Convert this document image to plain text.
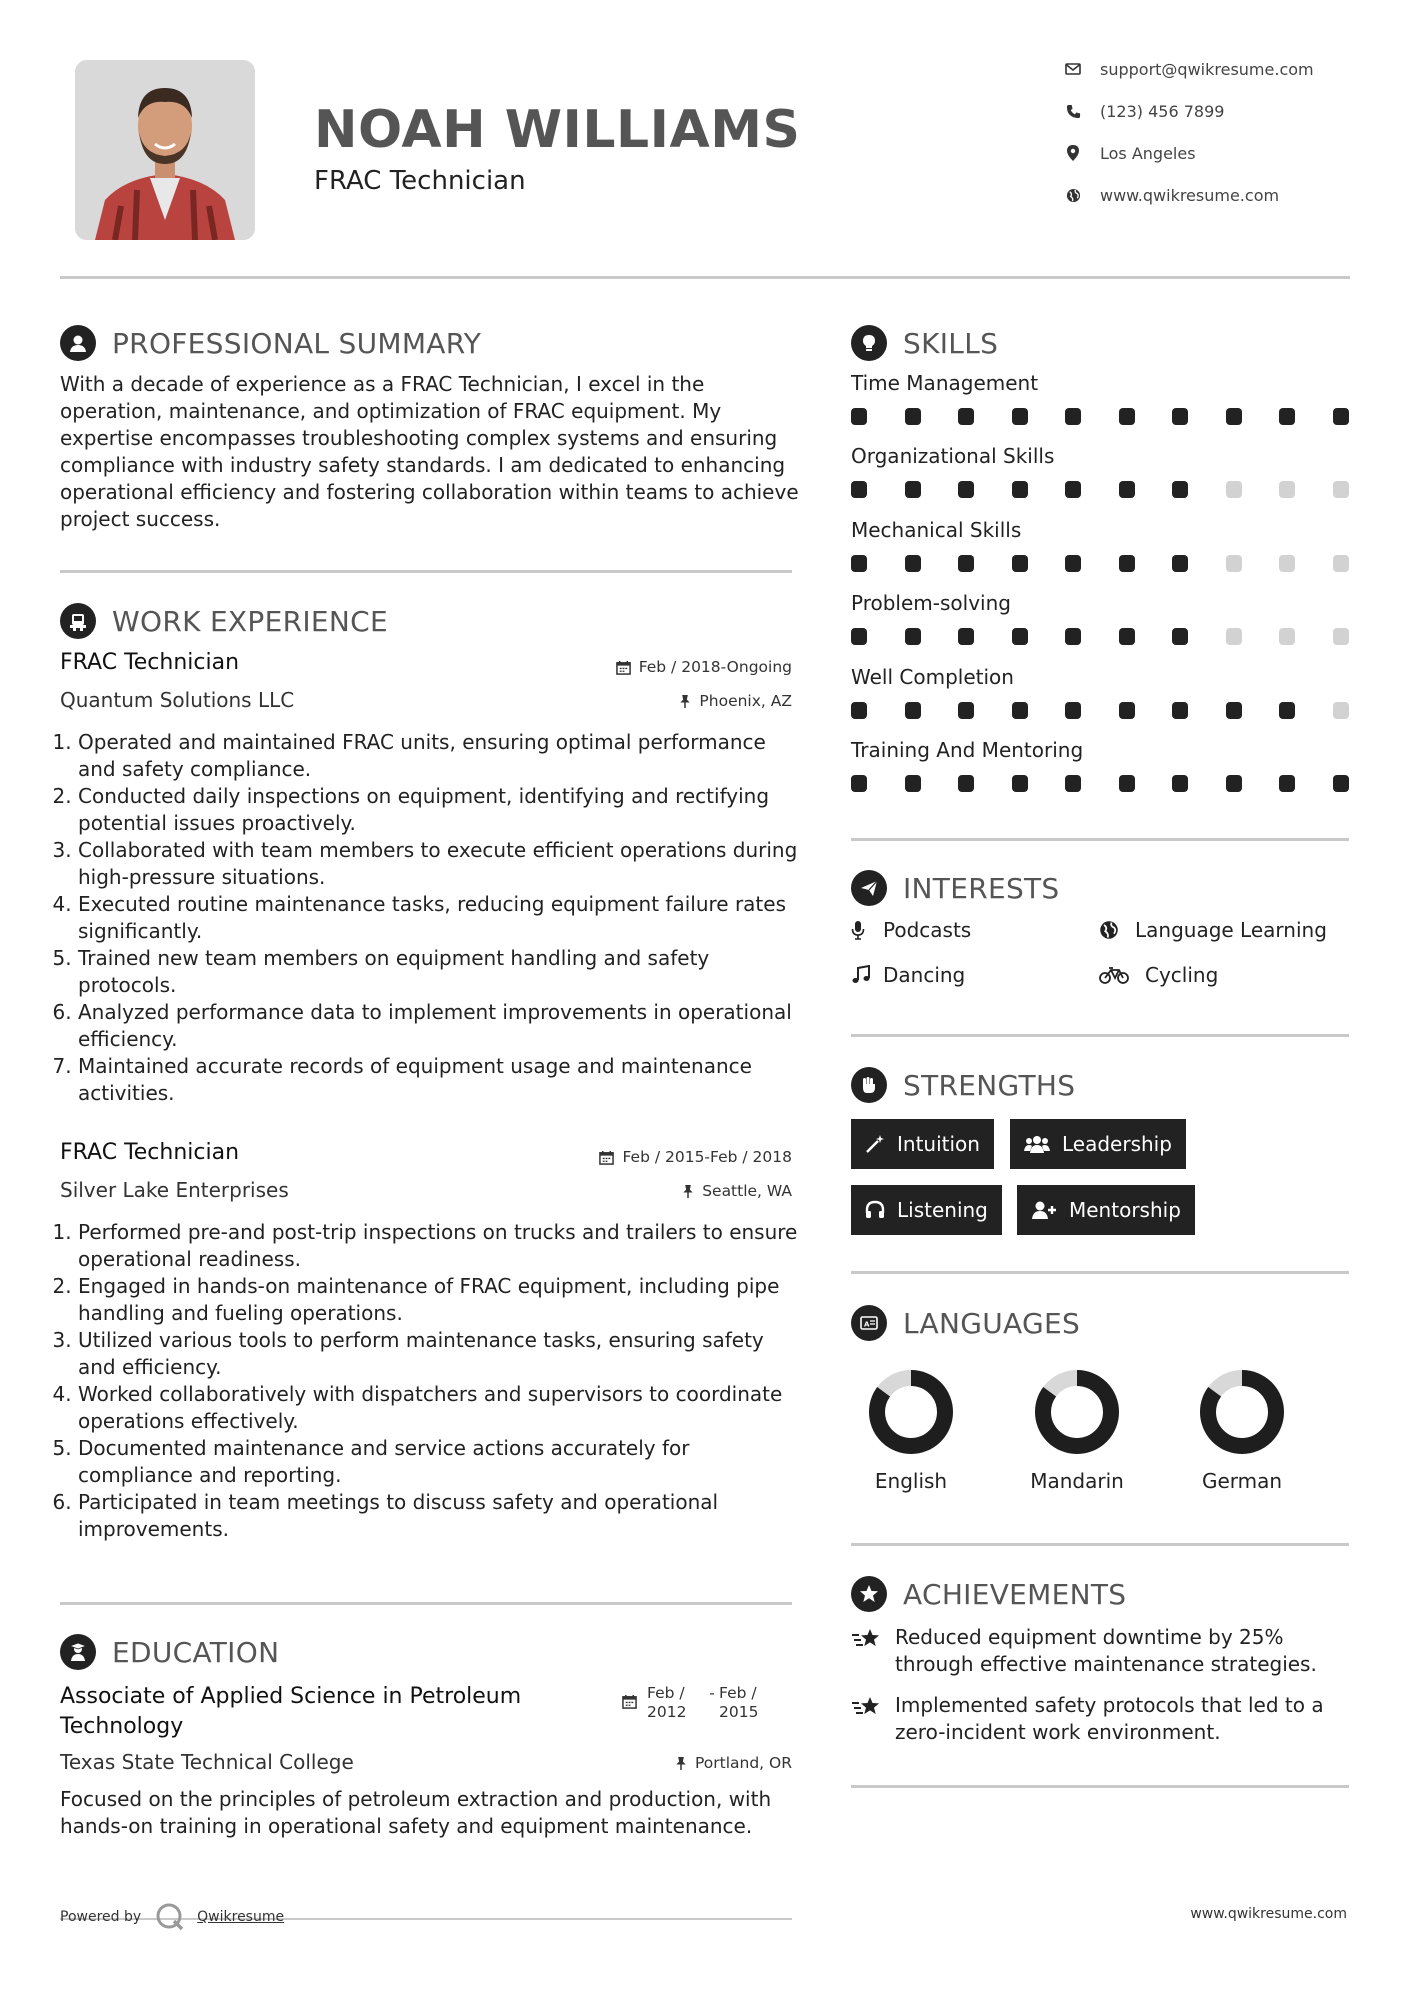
NOAH WILLIAMS
FRAC Technician
support@qwikresume.com
(123) 456 7899
Los Angeles
www.qwikresume.com
PROFESSIONAL SUMMARY
With a decade of experience as a FRAC Technician, I excel in the operation, maintenance, and optimization of FRAC equipment. My expertise encompasses troubleshooting complex systems and ensuring compliance with industry safety standards. I am dedicated to enhancing operational efficiency and fostering collaboration within teams to achieve project success.
WORK EXPERIENCE
FRAC Technician	Feb / 2018-Ongoing
Quantum Solutions LLC	Phoenix, AZ
1. Operated and maintained FRAC units, ensuring optimal performance and safety compliance.
2. Conducted daily inspections on equipment, identifying and rectifying potential issues proactively.
3. Collaborated with team members to execute efficient operations during high-pressure situations.
4. Executed routine maintenance tasks, reducing equipment failure rates significantly.
5. Trained new team members on equipment handling and safety protocols.
6. Analyzed performance data to implement improvements in operational efficiency.
7. Maintained accurate records of equipment usage and maintenance activities.
FRAC Technician	Feb / 2015-Feb / 2018
Silver Lake Enterprises	Seattle, WA
1. Performed pre-and post-trip inspections on trucks and trailers to ensure operational readiness.
2. Engaged in hands-on maintenance of FRAC equipment, including pipe handling and fueling operations.
3. Utilized various tools to perform maintenance tasks, ensuring safety and efficiency.
4. Worked collaboratively with dispatchers and supervisors to coordinate operations effectively.
5. Documented maintenance and service actions accurately for compliance and reporting.
6. Participated in team meetings to discuss safety and operational improvements.
EDUCATION
Associate of Applied Science in Petroleum Technology
Feb / 2012
- Feb / 2015
Texas State Technical College	Portland, OR
Focused on the principles of petroleum extraction and production, with hands-on training in operational safety and equipment maintenance.
SKILLS
Time Management
Organizational Skills
Mechanical Skills
Problem-solving
Well Completion
Training And Mentoring
INTERESTS
Podcasts	Language Learning
Dancing	Cycling
STRENGTHS
Intuition	Leadership
Listening	Mentorship
A LANGUAGES
English	Mandarin	German
ACHIEVEMENTS
Reduced equipment downtime by 25% through effective maintenance strategies.
Implemented safety protocols that led to a zero-incident work environment.
Powered by	Qwikresume	www.qwikresume.com
